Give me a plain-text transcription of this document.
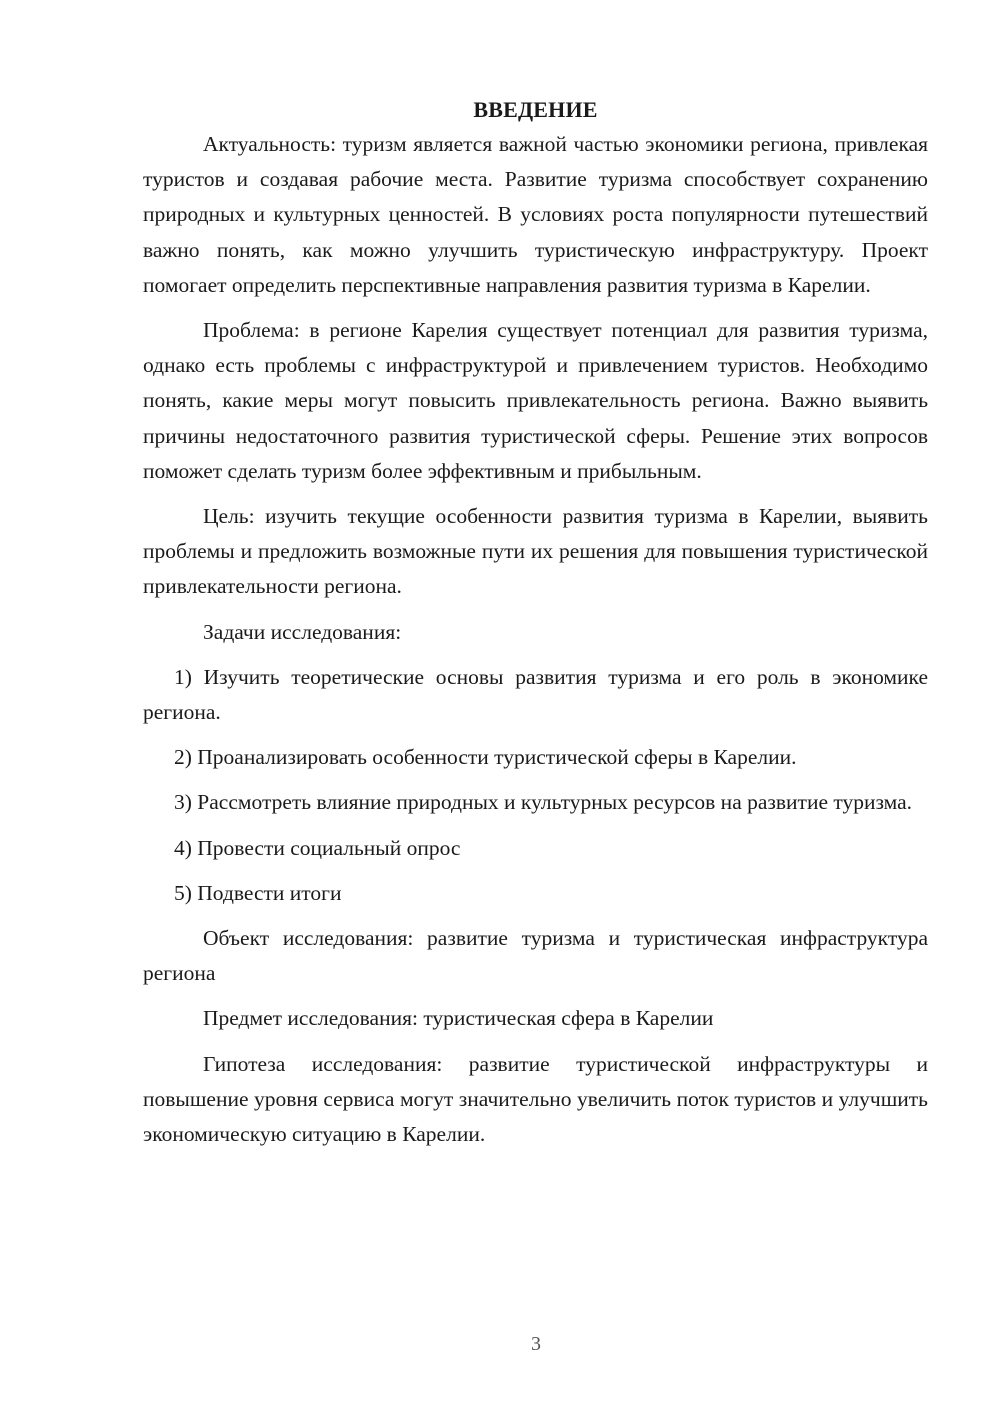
ВВЕДЕНИЕ

Актуальность: туризм является важной частью экономики региона, привлекая туристов и создавая рабочие места. Развитие туризма способствует сохранению природных и культурных ценностей. В условиях роста популярности путешествий важно понять, как можно улучшить туристическую инфраструктуру. Проект помогает определить перспективные направления развития туризма в Карелии.

Проблема: в регионе Карелия существует потенциал для развития туризма, однако есть проблемы с инфраструктурой и привлечением туристов. Необходимо понять, какие меры могут повысить привлекательность региона. Важно выявить причины недостаточного развития туристической сферы. Решение этих вопросов поможет сделать туризм более эффективным и прибыльным.

Цель: изучить текущие особенности развития туризма в Карелии, выявить проблемы и предложить возможные пути их решения для повышения туристической привлекательности региона.

Задачи исследования:

1) Изучить теоретические основы развития туризма и его роль в экономике региона.

2) Проанализировать особенности туристической сферы в Карелии.

3) Рассмотреть влияние природных и культурных ресурсов на развитие туризма.

4) Провести социальный опрос

5) Подвести итоги

Объект исследования: развитие туризма и туристическая инфраструктура региона

Предмет исследования: туристическая сфера в Карелии

Гипотеза исследования: развитие туристической инфраструктуры и повышение уровня сервиса могут значительно увеличить поток туристов и улучшить экономическую ситуацию в Карелии.

3
